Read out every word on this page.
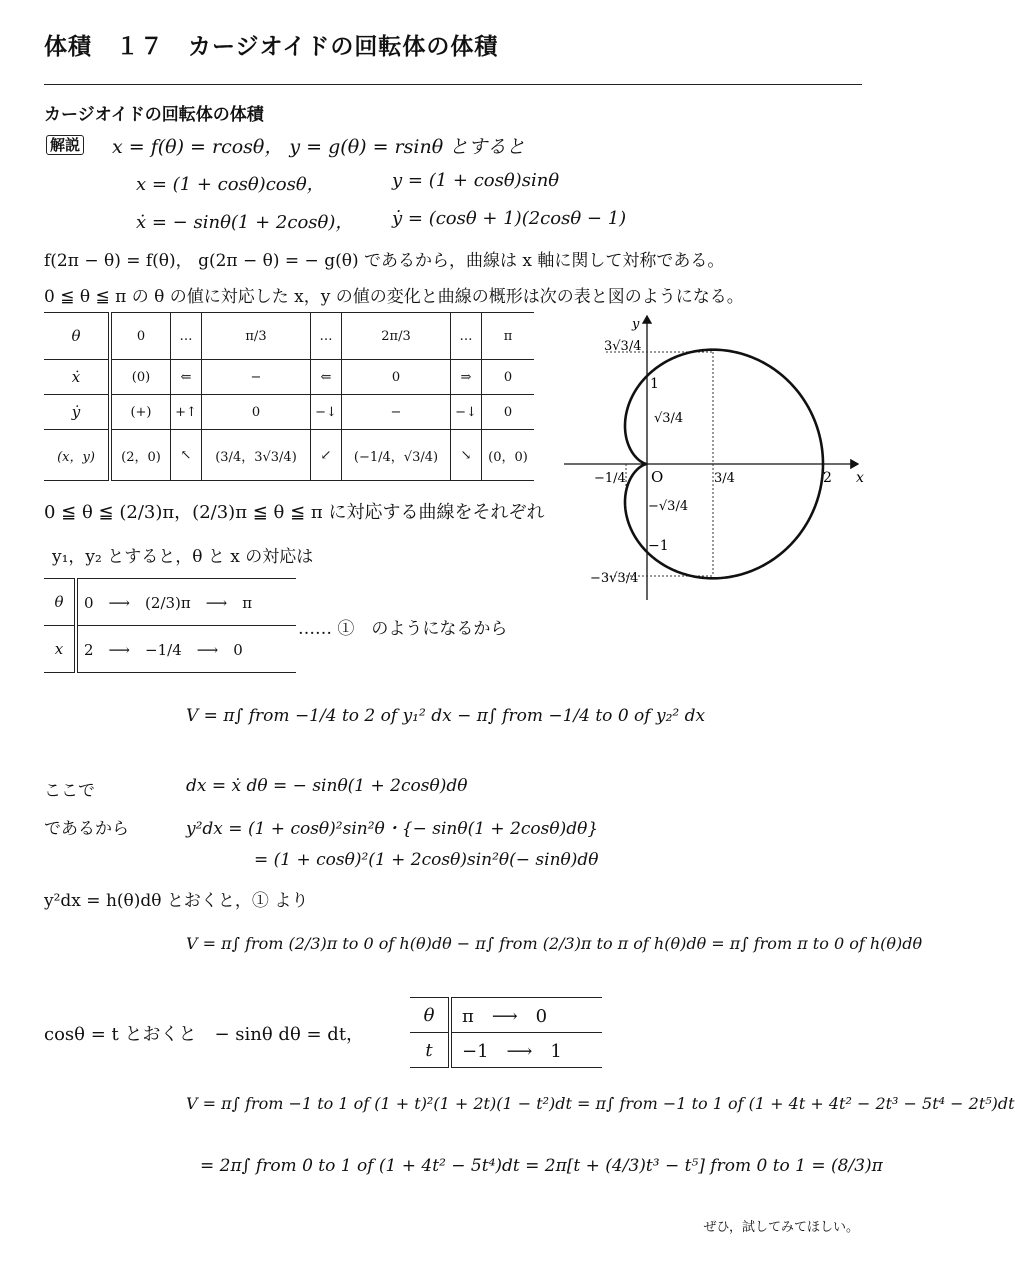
体積　１７　カージオイドの回転体の体積
カージオイドの回転体の体積
解説 x = f(θ) = rcosθ， y = g(θ) = rsinθ とすると
x = (1 + cosθ)cosθ，	y = (1 + cosθ)sinθ
ẋ = − sinθ(1 + 2cosθ)， ẏ = (cosθ + 1)(2cosθ − 1)
f(2π − θ) = f(θ)， g(2π − θ) = − g(θ) であるから，曲線は x 軸に関して対称である。
0 ≦ θ ≦ π の θ の値に対応した x，y の値の変化と曲線の概形は次の表と図のようになる。
θ	0	…	π/3	…	2π/3	…	π
ẋ	(0)	⇐	−	⇐	0	⇒	0
ẏ	(+)	+↑	0	−↓	−	−↓	0
(x，y)	(2，0)	↖	(3/4，3√3/4)	↙	(−1/4，√3/4)	↘	(0，0)
y
x
O
3√3/4
1
√3/4
−1/4	3/4	2
−√3/4
−1
−3√3/4
0 ≦ θ ≦ (2/3)π，(2/3)π ≦ θ ≦ π に対応する曲線をそれぞれ
y₁，y₂ とすると，θ と x の対応は
θ	0　⟶　(2/3)π　⟶　π
x	2　⟶　−1/4　⟶　0
…… ①　のようになるから
V = π∫ from −1/4 to 2 of y₁² dx − π∫ from −1/4 to 0 of y₂² dx
ここで	dx = ẋ dθ = − sinθ(1 + 2cosθ)dθ
であるから	y²dx = (1 + cosθ)²sin²θ・{− sinθ(1 + 2cosθ)dθ}
= (1 + cosθ)²(1 + 2cosθ)sin²θ(− sinθ)dθ
y²dx = h(θ)dθ とおくと，① より
V = π∫ from (2/3)π to 0 of h(θ)dθ − π∫ from (2/3)π to π of h(θ)dθ = π∫ from π to 0 of h(θ)dθ
cosθ = t とおくと　− sinθ dθ = dt，
θ	π　⟶　0
t	−1　⟶　1
V = π∫ from −1 to 1 of (1 + t)²(1 + 2t)(1 − t²)dt = π∫ from −1 to 1 of (1 + 4t + 4t² − 2t³ − 5t⁴ − 2t⁵)dt
= 2π∫ from 0 to 1 of (1 + 4t² − 5t⁴)dt = 2π[t + (4/3)t³ − t⁵] from 0 to 1 = (8/3)π
ぜひ，試してみてほしい。
